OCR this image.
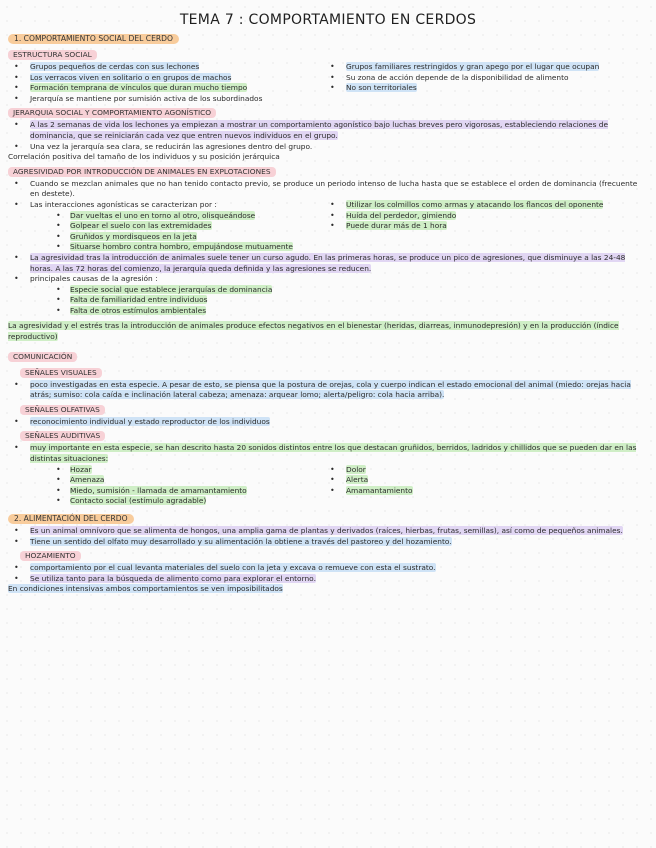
TEMA 7 : COMPORTAMIENTO EN CERDOS
1. COMPORTAMIENTO SOCIAL DEL CERDO
ESTRUCTURA SOCIAL
• Grupos pequeños de cerdas con sus lechones
• Los verracos viven en solitario o en grupos de machos
• Formación temprana de vínculos que duran mucho tiempo
• Jerarquía se mantiene por sumisión activa de los subordinados
• Grupos familiares restringidos y gran apego por el lugar que ocupan
• Su zona de acción depende de la disponibilidad de alimento
• No son territoriales
JERARQUIA SOCIAL Y COMPORTAMIENTO AGONÍSTICO
• A las 2 semanas de vida los lechones ya empiezan a mostrar un comportamiento agonístico bajo luchas breves pero vigorosas, estableciendo relaciones de dominancia, que se reiniciarán cada vez que entren nuevos individuos en el grupo.
• Una vez la jerarquía sea clara, se reducirán las agresiones dentro del grupo.

Correlación positiva del tamaño de los individuos y su posición jerárquica

AGRESIVIDAD POR INTRODUCCIÓN DE ANIMALES EN EXPLOTACIONES
• Cuando se mezclan animales que no han tenido contacto previo, se produce un periodo intenso de lucha hasta que se establece el orden de dominancia (frecuente en destete).
• Las interacciones agonísticas se caracterizan por :
• Dar vueltas el uno en torno al otro, olisqueándose
• Golpear el suelo con las extremidades
• Gruñidos y mordisqueos en la jeta
• Situarse hombro contra hombro, empujándose mutuamente
• Utilizar los colmillos como armas y atacando los flancos del oponente
• Huída del perdedor, gimiendo
• Puede durar más de 1 hora
• La agresividad tras la introducción de animales suele tener un curso agudo. En las primeras horas, se produce un pico de agresiones, que disminuye a las 24-48 horas. A las 72 horas del comienzo, la jerarquía queda definida y las agresiones se reducen.
• principales causas de la agresión :
• Especie social que establece jerarquías de dominancia
• Falta de familiaridad entre individuos
• Falta de otros estímulos ambientales

La agresividad y el estrés tras la introducción de animales produce efectos negativos en el bienestar (heridas, diarreas, inmunodepresión) y en la producción (índice reproductivo)

COMUNICACIÓN
SEÑALES VISUALES
• poco investigadas en esta especie. A pesar de esto, se piensa que la postura de orejas, cola y cuerpo indican el estado emocional del animal (miedo: orejas hacia atrás; sumiso: cola caída e inclinación lateral cabeza; amenaza: arquear lomo; alerta/peligro: cola hacia arriba).
SEÑALES OLFATIVAS
• reconocimiento individual y estado reproductor de los individuos
SEÑALES AUDITIVAS
• muy importante en esta especie, se han descrito hasta 20 sonidos distintos entre los que destacan gruñidos, berridos, ladridos y chillidos que se pueden dar en las distintas situaciones:
• Hozar
• Amenaza
• Miedo, sumisión - llamada de amamantamiento
• Contacto social (estímulo agradable)
• Dolor
• Alerta
• Amamantamiento
2. ALIMENTACIÓN DEL CERDO
• Es un animal omnívoro que se alimenta de hongos, una amplia gama de plantas y derivados (raíces, hierbas, frutas, semillas), así como de pequeños animales.
• Tiene un sentido del olfato muy desarrollado y su alimentación la obtiene a través del pastoreo y del hozamiento.
HOZAMIENTO
• comportamiento por el cual levanta materiales del suelo con la jeta y excava o remueve con esta el sustrato.
• Se utiliza tanto para la búsqueda de alimento como para explorar el entorno.

En condiciones intensivas ambos comportamientos se ven imposibilitados
